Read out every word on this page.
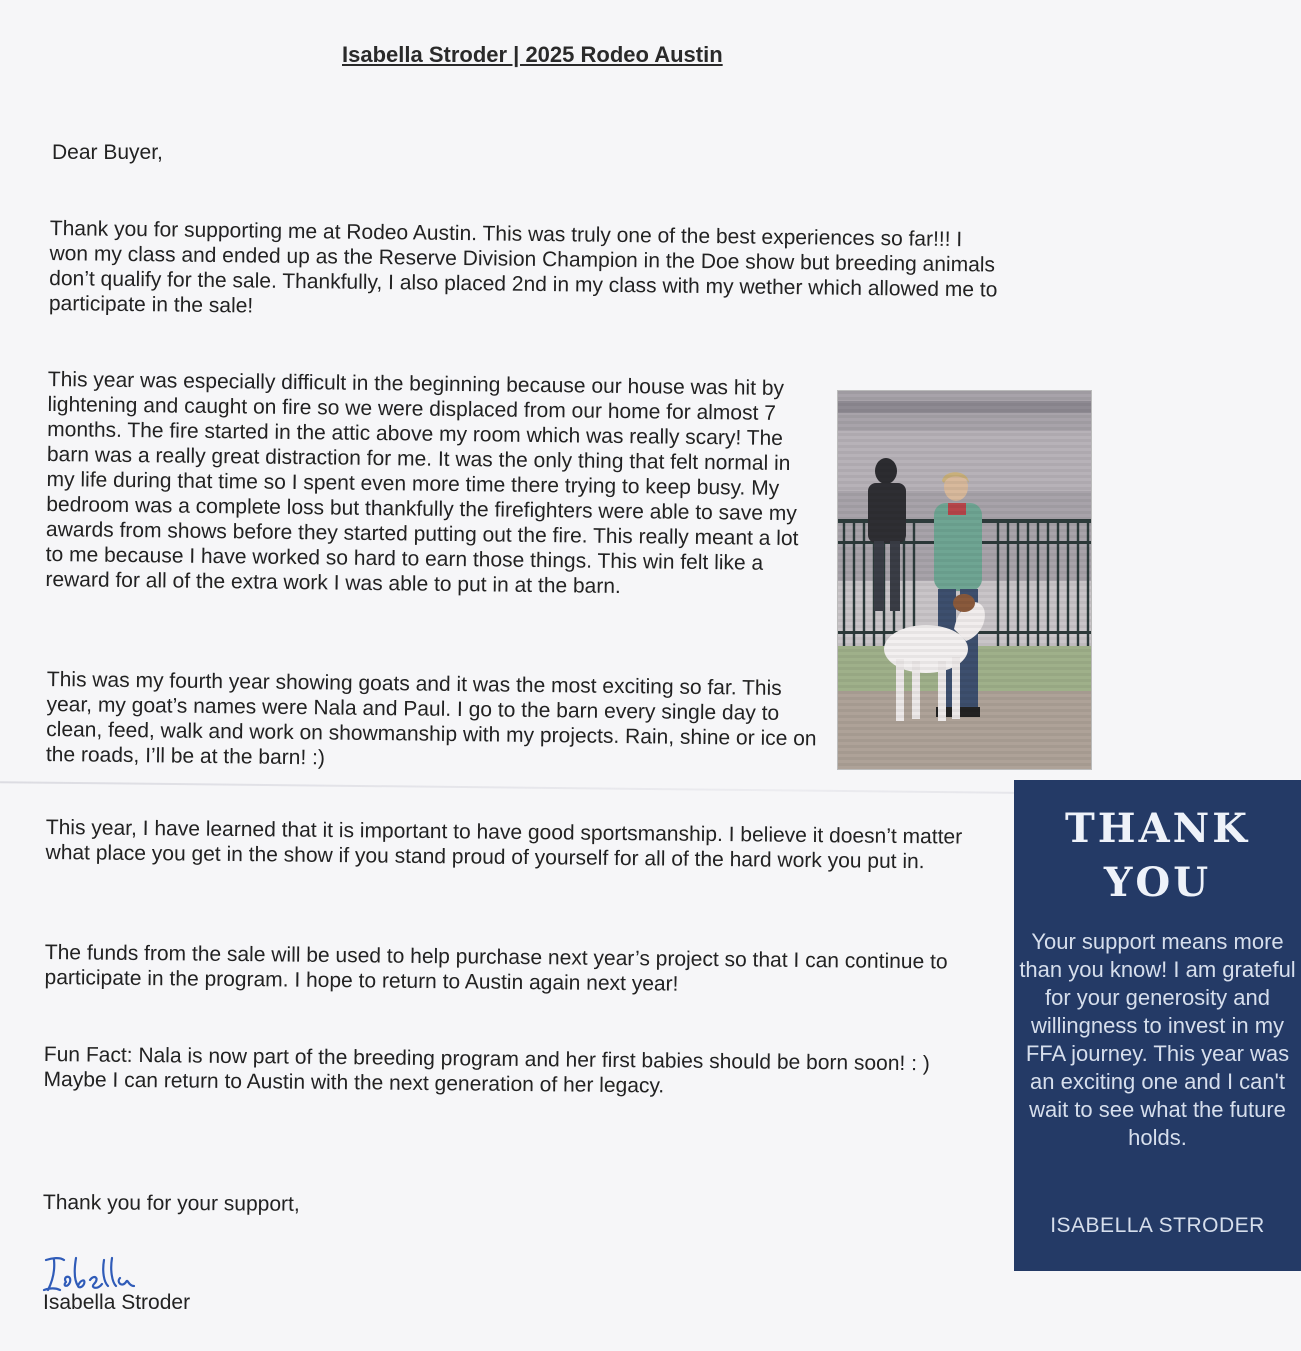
Isabella Stroder | 2025 Rodeo Austin

Dear Buyer,

Thank you for supporting me at Rodeo Austin. This was truly one of the best experiences so far!!! I won my class and ended up as the Reserve Division Champion in the Doe show but breeding animals don’t qualify for the sale. Thankfully, I also placed 2nd in my class with my wether which allowed me to participate in the sale!

This year was especially difficult in the beginning because our house was hit by lightening and caught on fire so we were displaced from our home for almost 7 months. The fire started in the attic above my room which was really scary! The barn was a really great distraction for me. It was the only thing that felt normal in my life during that time so I spent even more time there trying to keep busy. My bedroom was a complete loss but thankfully the firefighters were able to save my awards from shows before they started putting out the fire. This really meant a lot to me because I have worked so hard to earn those things. This win felt like a reward for all of the extra work I was able to put in at the barn.

This was my fourth year showing goats and it was the most exciting so far. This year, my goat’s names were Nala and Paul. I go to the barn every single day to clean, feed, walk and work on showmanship with my projects. Rain, shine or ice on the roads, I’ll be at the barn! :)

This year, I have learned that it is important to have good sportsmanship. I believe it doesn’t matter what place you get in the show if you stand proud of yourself for all of the hard work you put in.

The funds from the sale will be used to help purchase next year’s project so that I can continue to participate in the program. I hope to return to Austin again next year!

Fun Fact: Nala is now part of the breeding program and her first babies should be born soon! : ) Maybe I can return to Austin with the next generation of her legacy.

Thank you for your support,

Isabella Stroder

THANK
YOU

Your support means more than you know! I am grateful for your generosity and willingness to invest in my FFA journey. This year was an exciting one and I can't wait to see what the future holds.

ISABELLA STRODER
